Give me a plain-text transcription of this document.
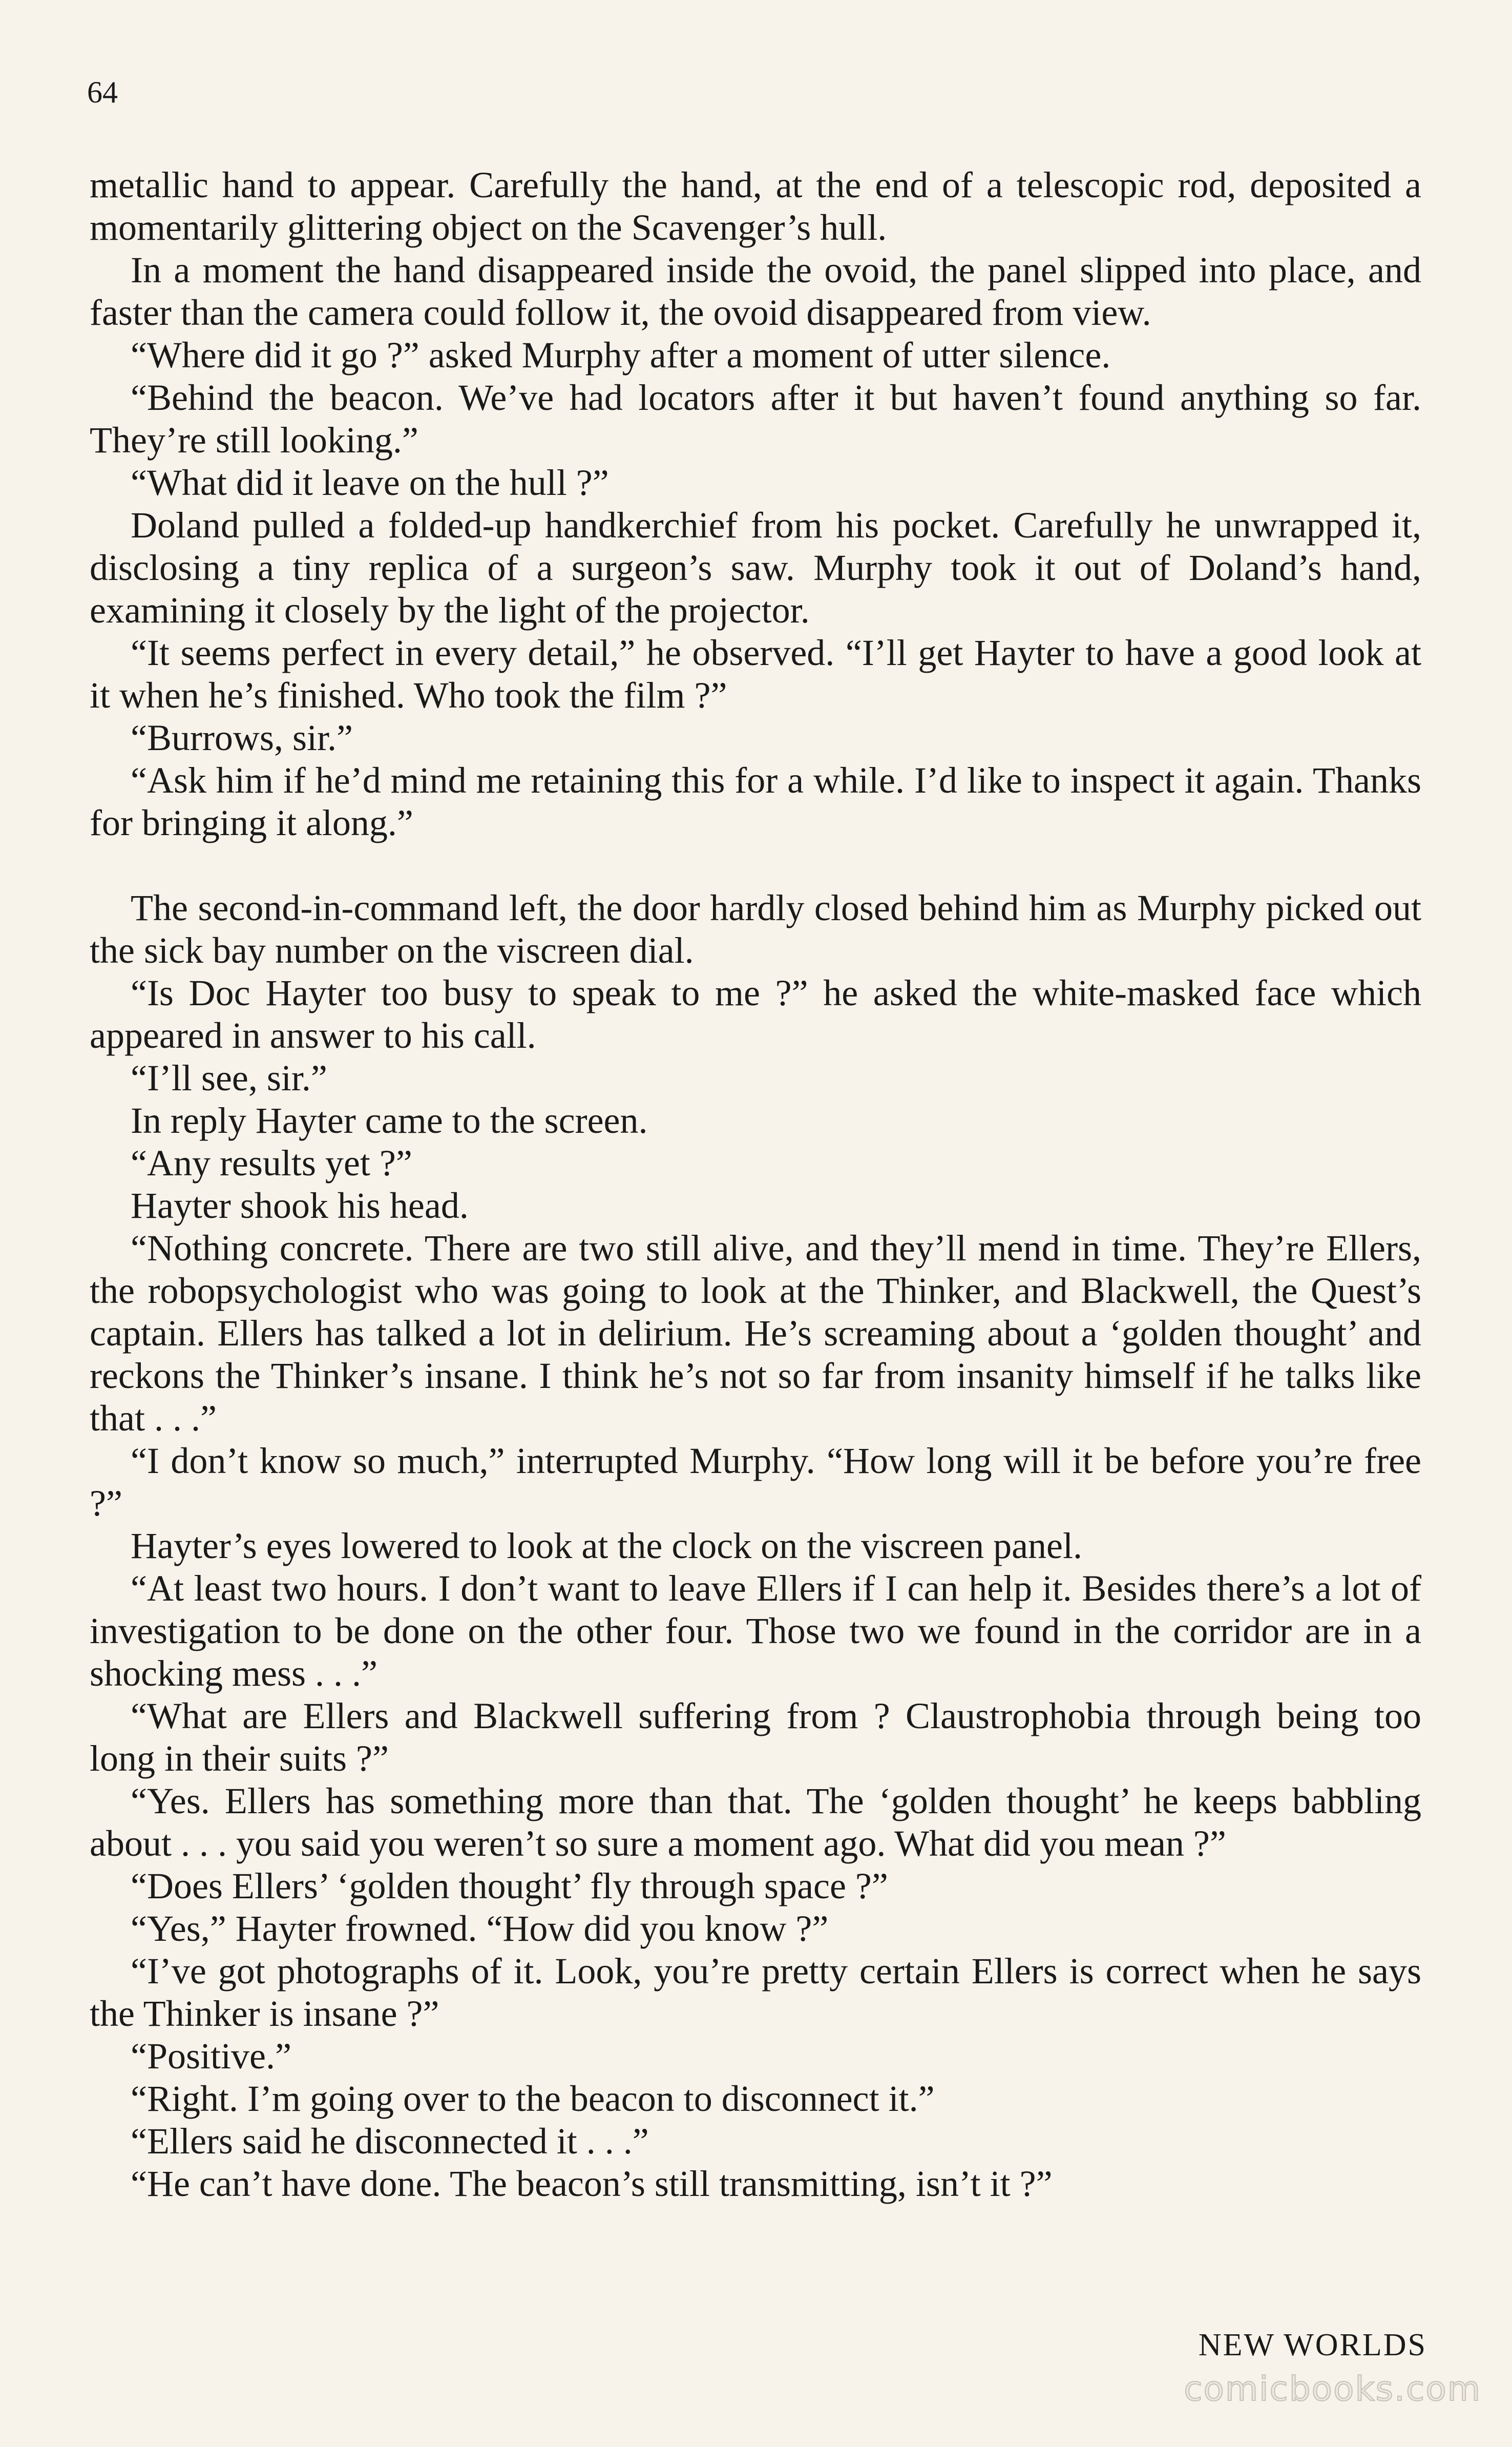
64

metallic hand to appear. Carefully the hand, at the end of a telescopic rod, deposited a momentarily glittering object on the Scavenger’s hull.

In a moment the hand disappeared inside the ovoid, the panel slipped into place, and faster than the camera could follow it, the ovoid disappeared from view.

“Where did it go ?” asked Murphy after a moment of utter silence.

“Behind the beacon. We’ve had locators after it but haven’t found anything so far. They’re still looking.”

“What did it leave on the hull ?”

Doland pulled a folded-up handkerchief from his pocket. Carefully he unwrapped it, disclosing a tiny replica of a surgeon’s saw. Murphy took it out of Doland’s hand, examining it closely by the light of the projector.

“It seems perfect in every detail,” he observed. “I’ll get Hayter to have a good look at it when he’s finished. Who took the film ?”

“Burrows, sir.”

“Ask him if he’d mind me retaining this for a while. I’d like to inspect it again. Thanks for bringing it along.”

The second-in-command left, the door hardly closed behind him as Murphy picked out the sick bay number on the viscreen dial.

“Is Doc Hayter too busy to speak to me ?” he asked the white-masked face which appeared in answer to his call.

“I’ll see, sir.”

In reply Hayter came to the screen.

“Any results yet ?”

Hayter shook his head.

“Nothing concrete. There are two still alive, and they’ll mend in time. They’re Ellers, the robopsychologist who was going to look at the Thinker, and Blackwell, the Quest’s captain. Ellers has talked a lot in delirium. He’s screaming about a ‘golden thought’ and reckons the Thinker’s insane. I think he’s not so far from insanity himself if he talks like that . . .”

“I don’t know so much,” interrupted Murphy. “How long will it be before you’re free ?”

Hayter’s eyes lowered to look at the clock on the viscreen panel.

“At least two hours. I don’t want to leave Ellers if I can help it. Besides there’s a lot of investigation to be done on the other four. Those two we found in the corridor are in a shocking mess . . .”

“What are Ellers and Blackwell suffering from ? Claustrophobia through being too long in their suits ?”

“Yes. Ellers has something more than that. The ‘golden thought’ he keeps babbling about . . . you said you weren’t so sure a moment ago. What did you mean ?”

“Does Ellers’ ‘golden thought’ fly through space ?”

“Yes,” Hayter frowned. “How did you know ?”

“I’ve got photographs of it. Look, you’re pretty certain Ellers is correct when he says the Thinker is insane ?”

“Positive.”

“Right. I’m going over to the beacon to disconnect it.”

“Ellers said he disconnected it . . .”

“He can’t have done. The beacon’s still transmitting, isn’t it ?”

NEW WORLDS
comicbooks.com
